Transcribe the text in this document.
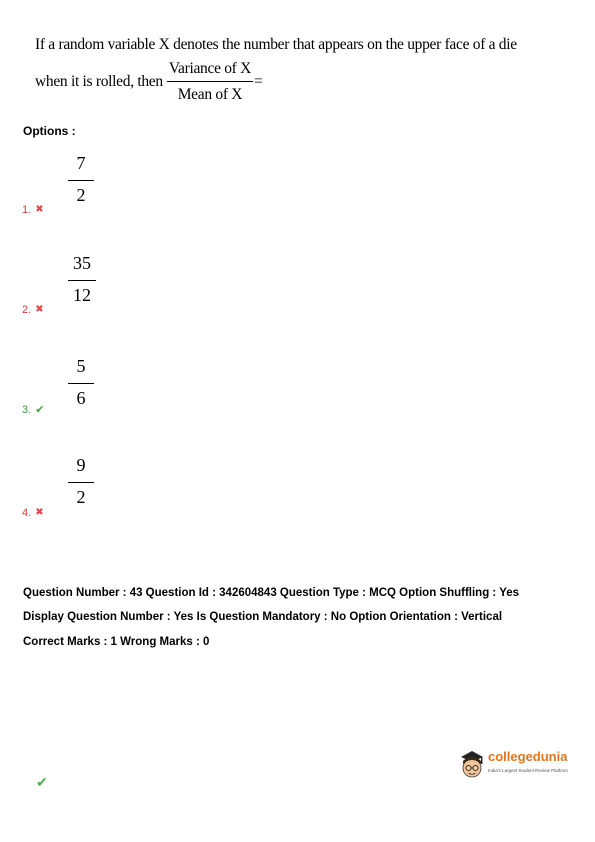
If a random variable X denotes the number that appears on the upper face of a die
when it is rolled, then $\frac{\text{Variance of X}}{\text{Mean of X}}$ =
Options :
7
2
1. ✖
35
12
2. ✖
5
6
3. ✔
9
2
4. ✖
Question Number : 43 Question Id : 342604843 Question Type : MCQ Option Shuffling : Yes
Display Question Number : Yes Is Question Mandatory : No Option Orientation : Vertical
Correct Marks : 1 Wrong Marks : 0
collegedunia
India's Largest Student Review Platform
✔
